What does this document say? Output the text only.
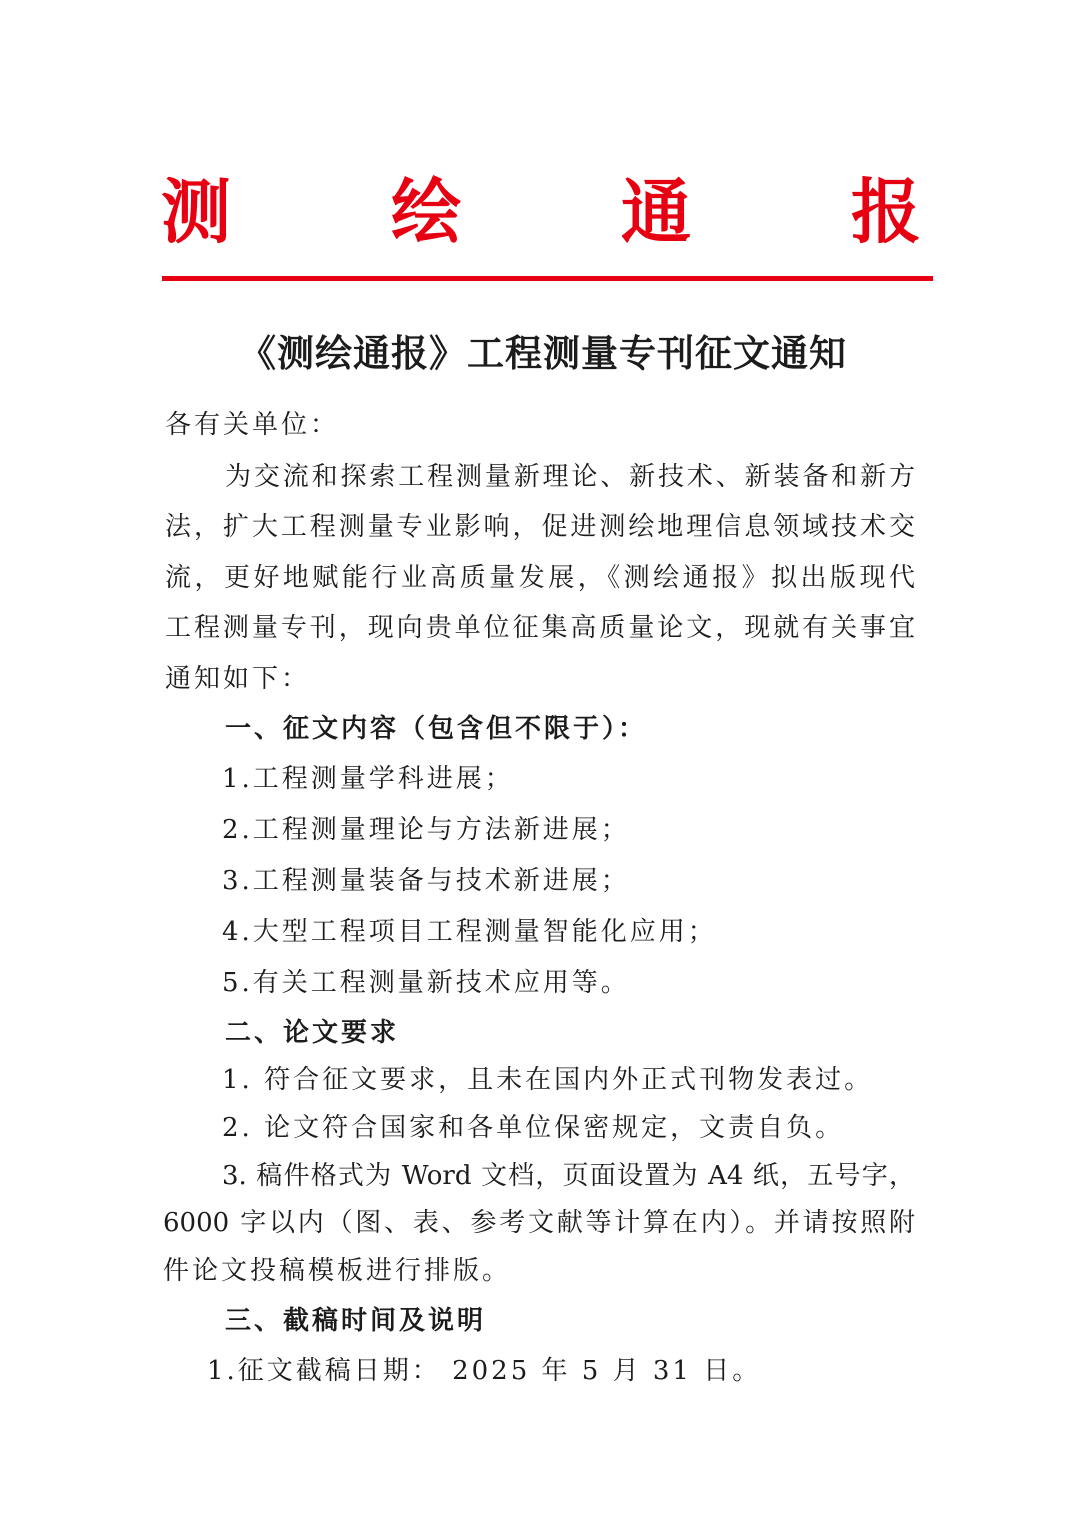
测 绘 通 报
《测绘通报》工程测量专刊征文通知
各有关单位：
为交流和探索工程测量新理论、新技术、新装备和新方
法，扩大工程测量专业影响，促进测绘地理信息领域技术交
流，更好地赋能行业高质量发展，《测绘通报》拟出版现代
工程测量专刊，现向贵单位征集高质量论文，现就有关事宜
通知如下：
一、征文内容（包含但不限于）：
1.工程测量学科进展；
2.工程测量理论与方法新进展；
3.工程测量装备与技术新进展；
4.大型工程项目工程测量智能化应用；
5.有关工程测量新技术应用等。
二、论文要求
1. 符合征文要求，且未在国内外正式刊物发表过。
2. 论文符合国家和各单位保密规定，文责自负。
3. 稿件格式为 Word 文档，页面设置为 A4 纸，五号字，
6000 字以内（图、表、参考文献等计算在内）。并请按照附
件论文投稿模板进行排版。
三、截稿时间及说明
1.征文截稿日期： 2025 年 5 月 31 日。
